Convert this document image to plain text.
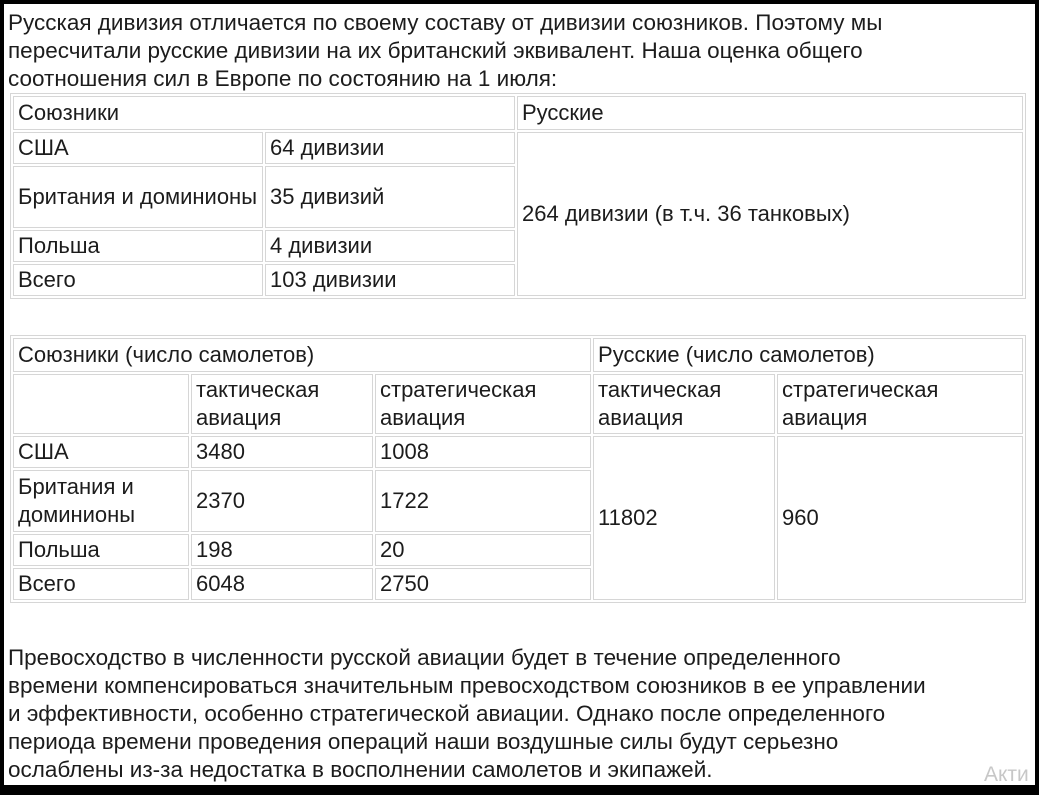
Русская дивизия отличается по своему составу от дивизии союзников. Поэтому мы
пересчитали русские дивизии на их британский эквивалент. Наша оценка общего
соотношения сил в Европе по состоянию на 1 июля:
Союзники		Русские
США	64 дивизии	264 дивизии (в т.ч. 36 танковых)
Британия и доминионы	35 дивизий	
Польша	4 дивизии	
Всего	103 дивизии	
Союзники (число самолетов)			Русские (число самолетов)	
	тактическая авиация	стратегическая авиация	тактическая авиация	стратегическая авиация
США	3480	1008	11802	960
Британия и доминионы	2370	1722		
Польша	198	20		
Всего	6048	2750		
Превосходство в численности русской авиации будет в течение определенного
времени компенсироваться значительным превосходством союзников в ее управлении
и эффективности, особенно стратегической авиации. Однако после определенного
периода времени проведения операций наши воздушные силы будут серьезно
ослаблены из-за недостатка в восполнении самолетов и экипажей.	Акти
